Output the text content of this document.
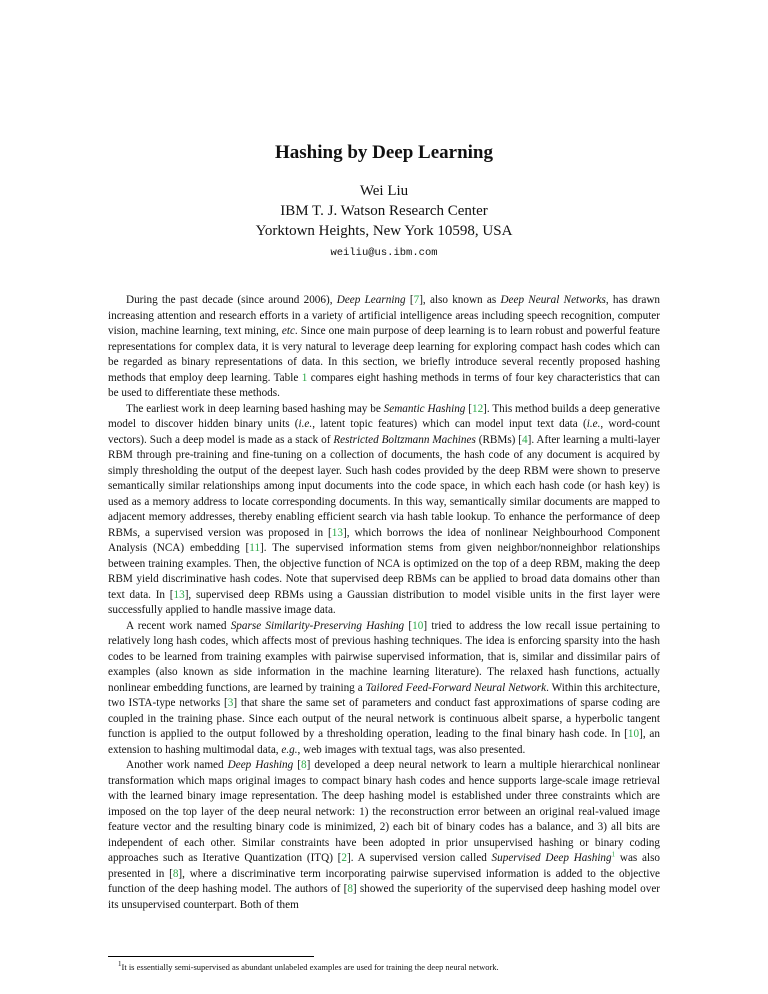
Hashing by Deep Learning
Wei Liu
IBM T. J. Watson Research Center
Yorktown Heights, New York 10598, USA
weiliu@us.ibm.com

During the past decade (since around 2006), Deep Learning [7], also known as Deep Neural Networks, has drawn increasing attention and research efforts in a variety of artificial intelligence areas including speech recognition, computer vision, machine learning, text mining, etc. Since one main purpose of deep learning is to learn robust and powerful feature representations for complex data, it is very natural to leverage deep learning for exploring compact hash codes which can be regarded as binary representations of data. In this section, we briefly introduce several recently proposed hashing methods that employ deep learning. Table 1 compares eight hashing methods in terms of four key characteristics that can be used to differentiate these methods.

The earliest work in deep learning based hashing may be Semantic Hashing [12]. This method builds a deep generative model to discover hidden binary units (i.e., latent topic features) which can model input text data (i.e., word-count vectors). Such a deep model is made as a stack of Restricted Boltzmann Machines (RBMs) [4]. After learning a multi-layer RBM through pre-training and fine-tuning on a collection of documents, the hash code of any document is acquired by simply thresholding the output of the deepest layer. Such hash codes provided by the deep RBM were shown to preserve semantically similar relationships among input documents into the code space, in which each hash code (or hash key) is used as a memory address to locate corresponding documents. In this way, semantically similar documents are mapped to adjacent memory addresses, thereby enabling efficient search via hash table lookup. To enhance the performance of deep RBMs, a supervised version was proposed in [13], which borrows the idea of nonlinear Neighbourhood Component Analysis (NCA) embedding [11]. The supervised information stems from given neighbor/nonneighbor relationships between training examples. Then, the objective function of NCA is optimized on the top of a deep RBM, making the deep RBM yield discriminative hash codes. Note that supervised deep RBMs can be applied to broad data domains other than text data. In [13], supervised deep RBMs using a Gaussian distribution to model visible units in the first layer were successfully applied to handle massive image data.

A recent work named Sparse Similarity-Preserving Hashing [10] tried to address the low recall issue pertaining to relatively long hash codes, which affects most of previous hashing techniques. The idea is enforcing sparsity into the hash codes to be learned from training examples with pairwise supervised information, that is, similar and dissimilar pairs of examples (also known as side information in the machine learning literature). The relaxed hash functions, actually nonlinear embedding functions, are learned by training a Tailored Feed-Forward Neural Network. Within this architecture, two ISTA-type networks [3] that share the same set of parameters and conduct fast approximations of sparse coding are coupled in the training phase. Since each output of the neural network is continuous albeit sparse, a hyperbolic tangent function is applied to the output followed by a thresholding operation, leading to the final binary hash code. In [10], an extension to hashing multimodal data, e.g., web images with textual tags, was also presented.

Another work named Deep Hashing [8] developed a deep neural network to learn a multiple hierarchical nonlinear transformation which maps original images to compact binary hash codes and hence supports large-scale image retrieval with the learned binary image representation. The deep hashing model is established under three constraints which are imposed on the top layer of the deep neural network: 1) the reconstruction error between an original real-valued image feature vector and the resulting binary code is minimized, 2) each bit of binary codes has a balance, and 3) all bits are independent of each other. Similar constraints have been adopted in prior unsupervised hashing or binary coding approaches such as Iterative Quantization (ITQ) [2]. A supervised version called Supervised Deep Hashing$^1$ was also presented in [8], where a discriminative term incorporating pairwise supervised information is added to the objective function of the deep hashing model. The authors of [8] showed the superiority of the supervised deep hashing model over its unsupervised counterpart. Both of them

$^1$It is essentially semi-supervised as abundant unlabeled examples are used for training the deep neural network.
